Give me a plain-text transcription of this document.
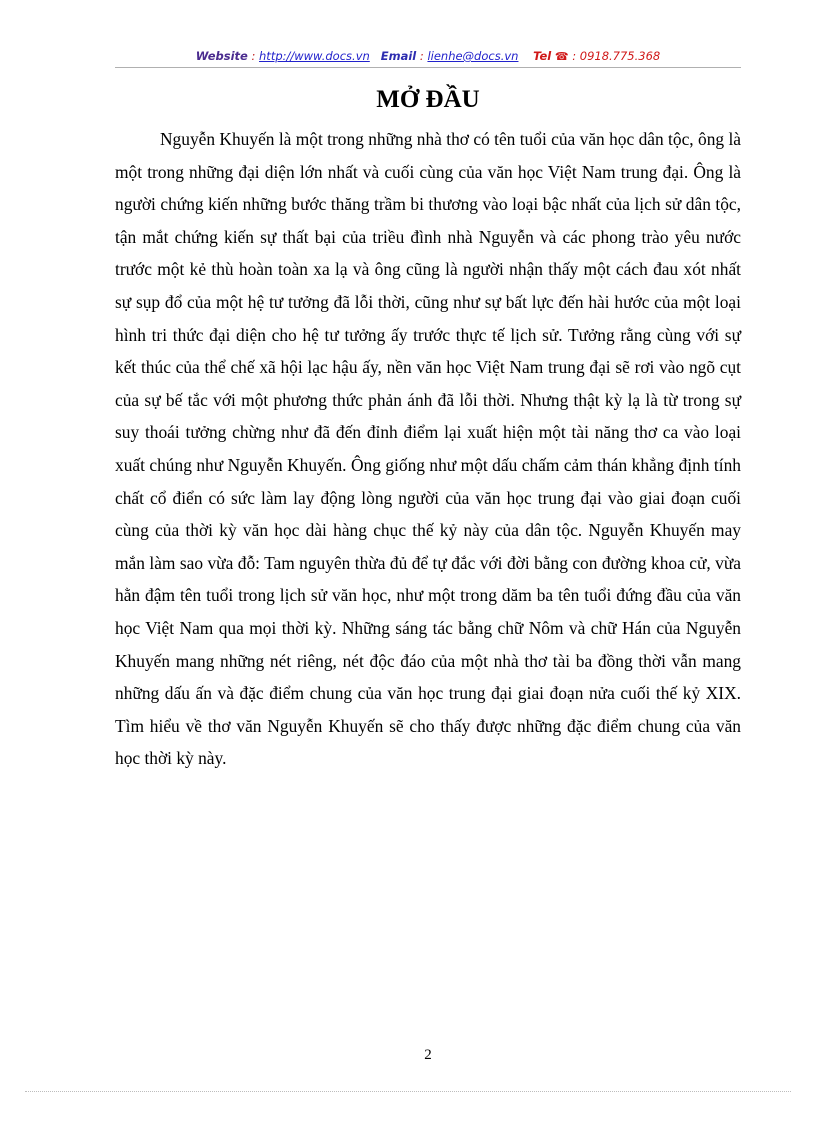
Website : http://www.docs.vn Email : lienhe@docs.vn Tel ☎ : 0918.775.368
MỞ ĐẦU

Nguyễn Khuyến là một trong những nhà thơ có tên tuổi của văn học dân tộc, ông là một trong những đại diện lớn nhất và cuối cùng của văn học Việt Nam trung đại. Ông là người chứng kiến những bước thăng trầm bi thương vào loại bậc nhất của lịch sử dân tộc, tận mắt chứng kiến sự thất bại của triều đình nhà Nguyễn và các phong trào yêu nước trước một kẻ thù hoàn toàn xa lạ và ông cũng là người nhận thấy một cách đau xót nhất sự sụp đổ của một hệ tư tưởng đã lỗi thời, cũng như sự bất lực đến hài hước của một loại hình tri thức đại diện cho hệ tư tưởng ấy trước thực tế lịch sử. Tưởng rằng cùng với sự kết thúc của thể chế xã hội lạc hậu ấy, nền văn học Việt Nam trung đại sẽ rơi vào ngõ cụt của sự bế tắc với một phương thức phản ánh đã lỗi thời. Nhưng thật kỳ lạ là từ trong sự suy thoái tưởng chừng như đã đến đỉnh điểm lại xuất hiện một tài năng thơ ca vào loại xuất chúng như Nguyễn Khuyến. Ông giống như một dấu chấm cảm thán khẳng định tính chất cổ điển có sức làm lay động lòng người của văn học trung đại vào giai đoạn cuối cùng của thời kỳ văn học dài hàng chục thế kỷ này của dân tộc. Nguyễn Khuyến may mắn làm sao vừa đỗ: Tam nguyên thừa đủ để tự đắc với đời bằng con đường khoa cử, vừa hằn đậm tên tuổi trong lịch sử văn học, như một trong dăm ba tên tuổi đứng đầu của văn học Việt Nam qua mọi thời kỳ. Những sáng tác bằng chữ Nôm và chữ Hán của Nguyễn Khuyến mang những nét riêng, nét độc đáo của một nhà thơ tài ba đồng thời vẫn mang những dấu ấn và đặc điểm chung của văn học trung đại giai đoạn nửa cuối thế kỷ XIX. Tìm hiểu về thơ văn Nguyễn Khuyến sẽ cho thấy được những đặc điểm chung của văn học thời kỳ này.

2
